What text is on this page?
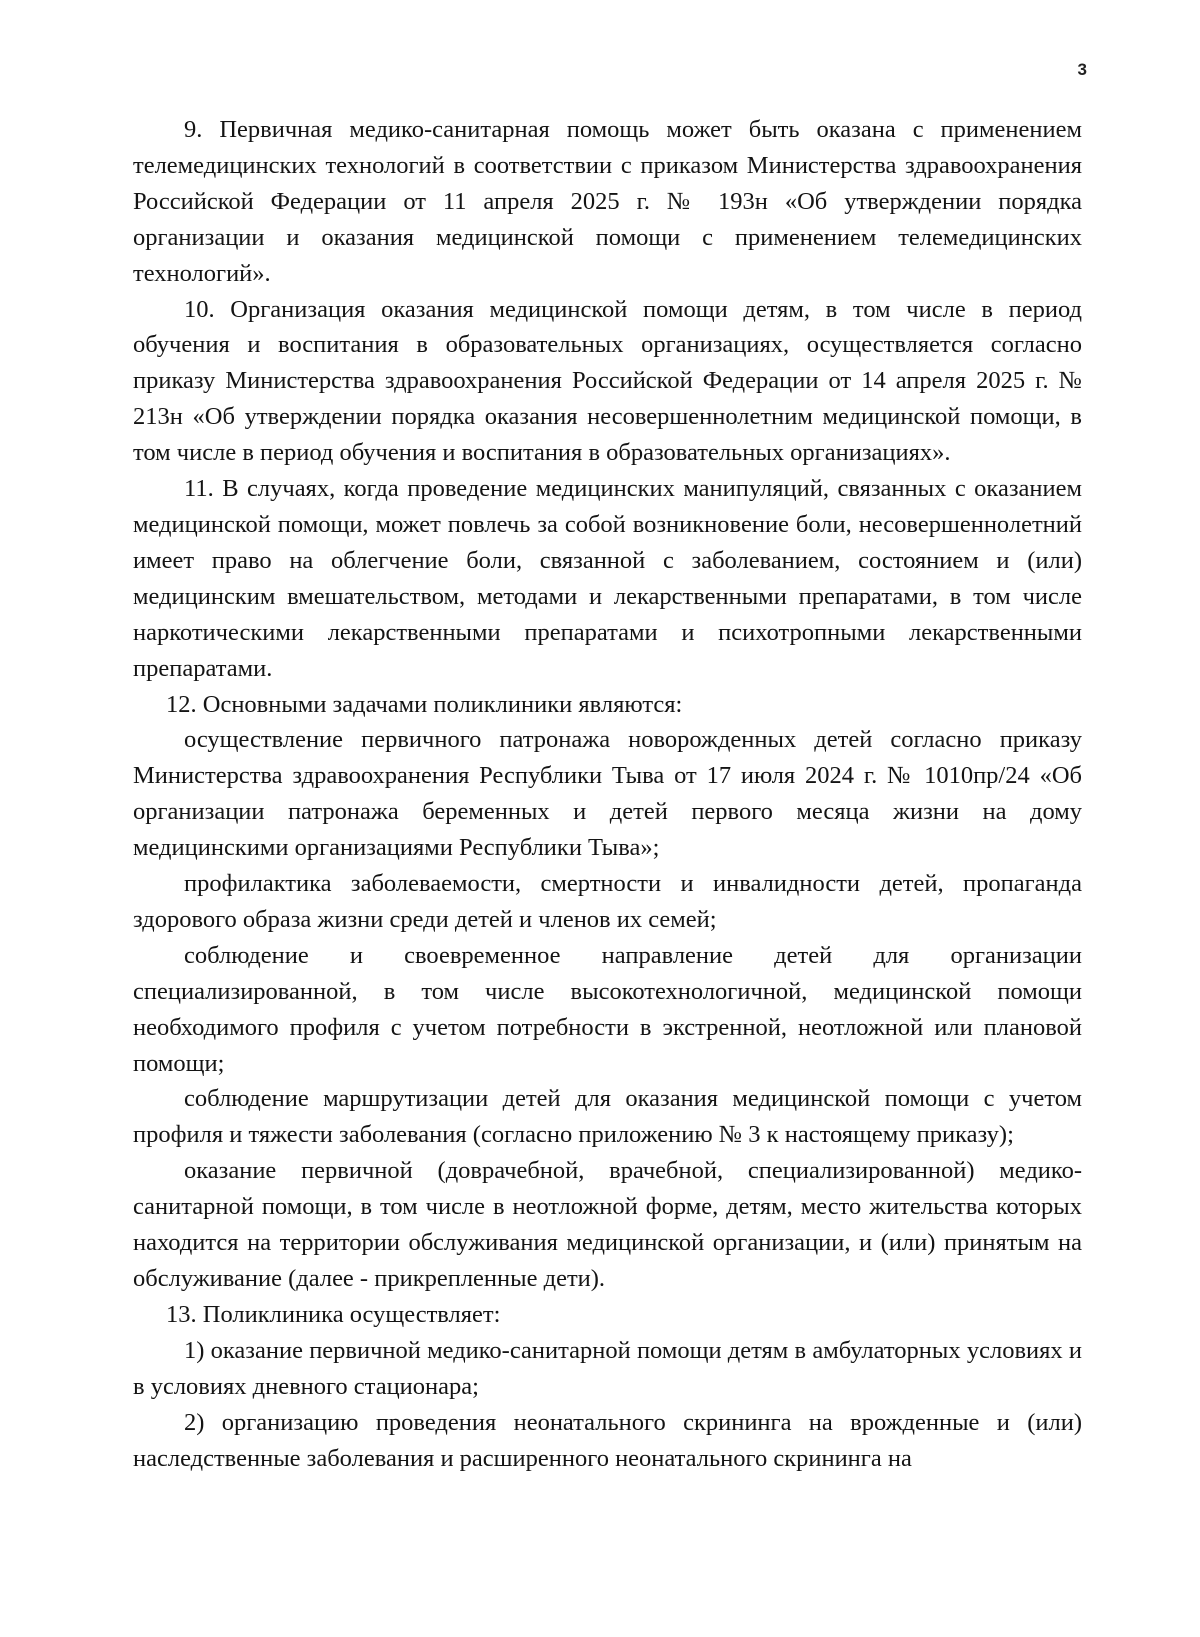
3

9. Первичная медико-санитарная помощь может быть оказана с применением телемедицинских технологий в соответствии с приказом Министерства здравоохранения Российской Федерации от 11 апреля 2025 г. № 193н «Об утверждении порядка организации и оказания медицинской помощи с применением телемедицинских технологий».

10. Организация оказания медицинской помощи детям, в том числе в период обучения и воспитания в образовательных организациях, осуществляется согласно приказу Министерства здравоохранения Российской Федерации от 14 апреля 2025 г. № 213н «Об утверждении порядка оказания несовершеннолетним медицинской помощи, в том числе в период обучения и воспитания в образовательных организациях».

11. В случаях, когда проведение медицинских манипуляций, связанных с оказанием медицинской помощи, может повлечь за собой возникновение боли, несовершеннолетний имеет право на облегчение боли, связанной с заболеванием, состоянием и (или) медицинским вмешательством, методами и лекарственными препаратами, в том числе наркотическими лекарственными препаратами и психотропными лекарственными препаратами.

12. Основными задачами поликлиники являются:

осуществление первичного патронажа новорожденных детей согласно приказу Министерства здравоохранения Республики Тыва от 17 июля 2024 г. № 1010пр/24 «Об организации патронажа беременных и детей первого месяца жизни на дому медицинскими организациями Республики Тыва»;

профилактика заболеваемости, смертности и инвалидности детей, пропаганда здорового образа жизни среди детей и членов их семей;

соблюдение и своевременное направление детей для организации специализированной, в том числе высокотехнологичной, медицинской помощи необходимого профиля с учетом потребности в экстренной, неотложной или плановой помощи;

соблюдение маршрутизации детей для оказания медицинской помощи с учетом профиля и тяжести заболевания (согласно приложению № 3 к настоящему приказу);

оказание первичной (доврачебной, врачебной, специализированной) медико-санитарной помощи, в том числе в неотложной форме, детям, место жительства которых находится на территории обслуживания медицинской организации, и (или) принятым на обслуживание (далее - прикрепленные дети).

13. Поликлиника осуществляет:

1) оказание первичной медико-санитарной помощи детям в амбулаторных условиях и в условиях дневного стационара;

2) организацию проведения неонатального скрининга на врожденные и (или) наследственные заболевания и расширенного неонатального скрининга на
